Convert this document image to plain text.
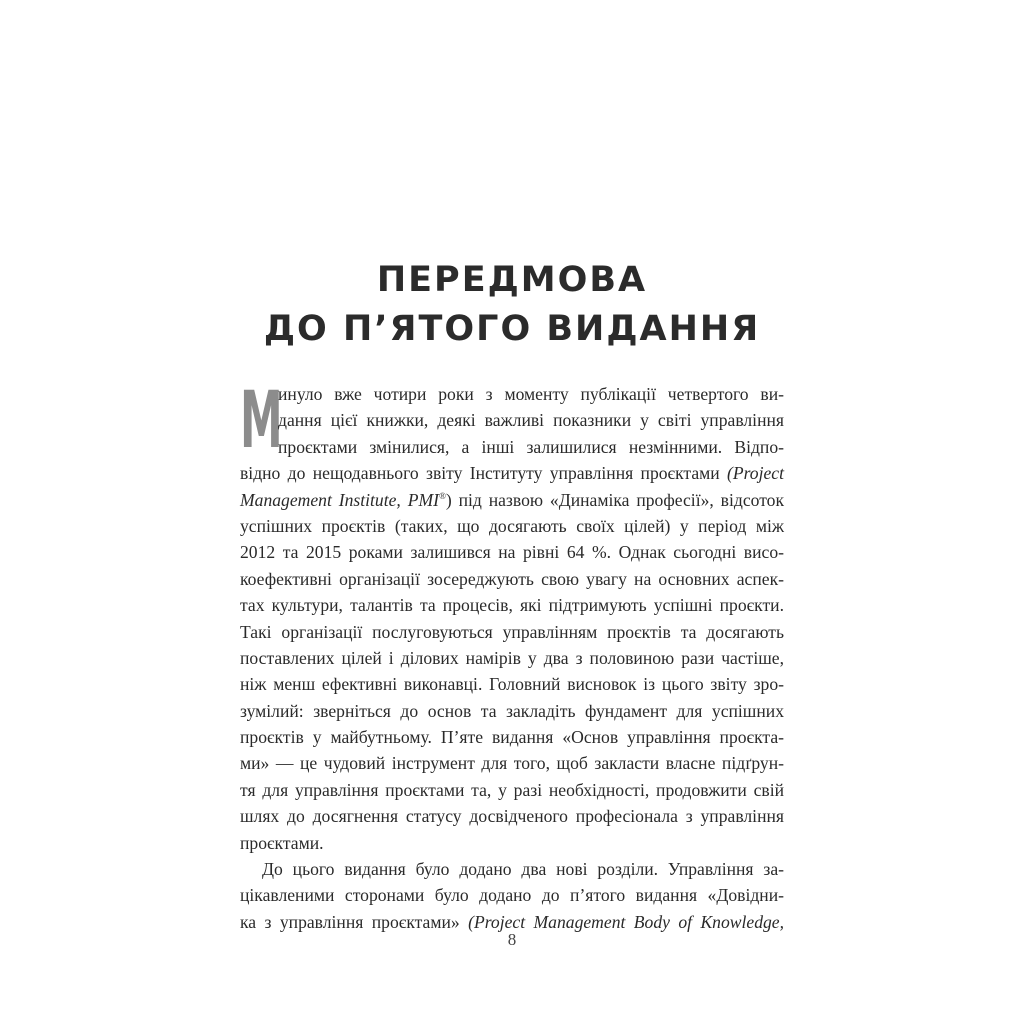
ПЕРЕДМОВА
ДО П’ЯТОГО ВИДАННЯ
М
инуло вже чотири роки з моменту публікації четвертого ви-
дання цієї книжки, деякі важливі показники у світі управління
проєктами змінилися, а інші залишилися незмінними. Відпо-
відно до нещодавнього звіту Інституту управління проєктами (Project
Management Institute, PMI®) під назвою «Динаміка професії», відсоток
успішних проєктів (таких, що досягають своїх цілей) у період між
2012 та 2015 роками залишився на рівні 64 %. Однак сьогодні висо-
коефективні організації зосереджують свою увагу на основних аспек-
тах культури, талантів та процесів, які підтримують успішні проєкти.
Такі організації послуговуються управлінням проєктів та досягають
поставлених цілей і ділових намірів у два з половиною рази частіше,
ніж менш ефективні виконавці. Головний висновок із цього звіту зро-
зумілий: зверніться до основ та закладіть фундамент для успішних
проєктів у майбутньому. П’яте видання «Основ управління проєкта-
ми» — це чудовий інструмент для того, щоб закласти власне підґрун-
тя для управління проєктами та, у разі необхідності, продовжити свій
шлях до досягнення статусу досвідченого професіонала з управління
проєктами.
До цього видання було додано два нові розділи. Управління за-
цікавленими сторонами було додано до п’ятого видання «Довідни-
ка з управління проєктами» (Project Management Body of Knowledge,
8
